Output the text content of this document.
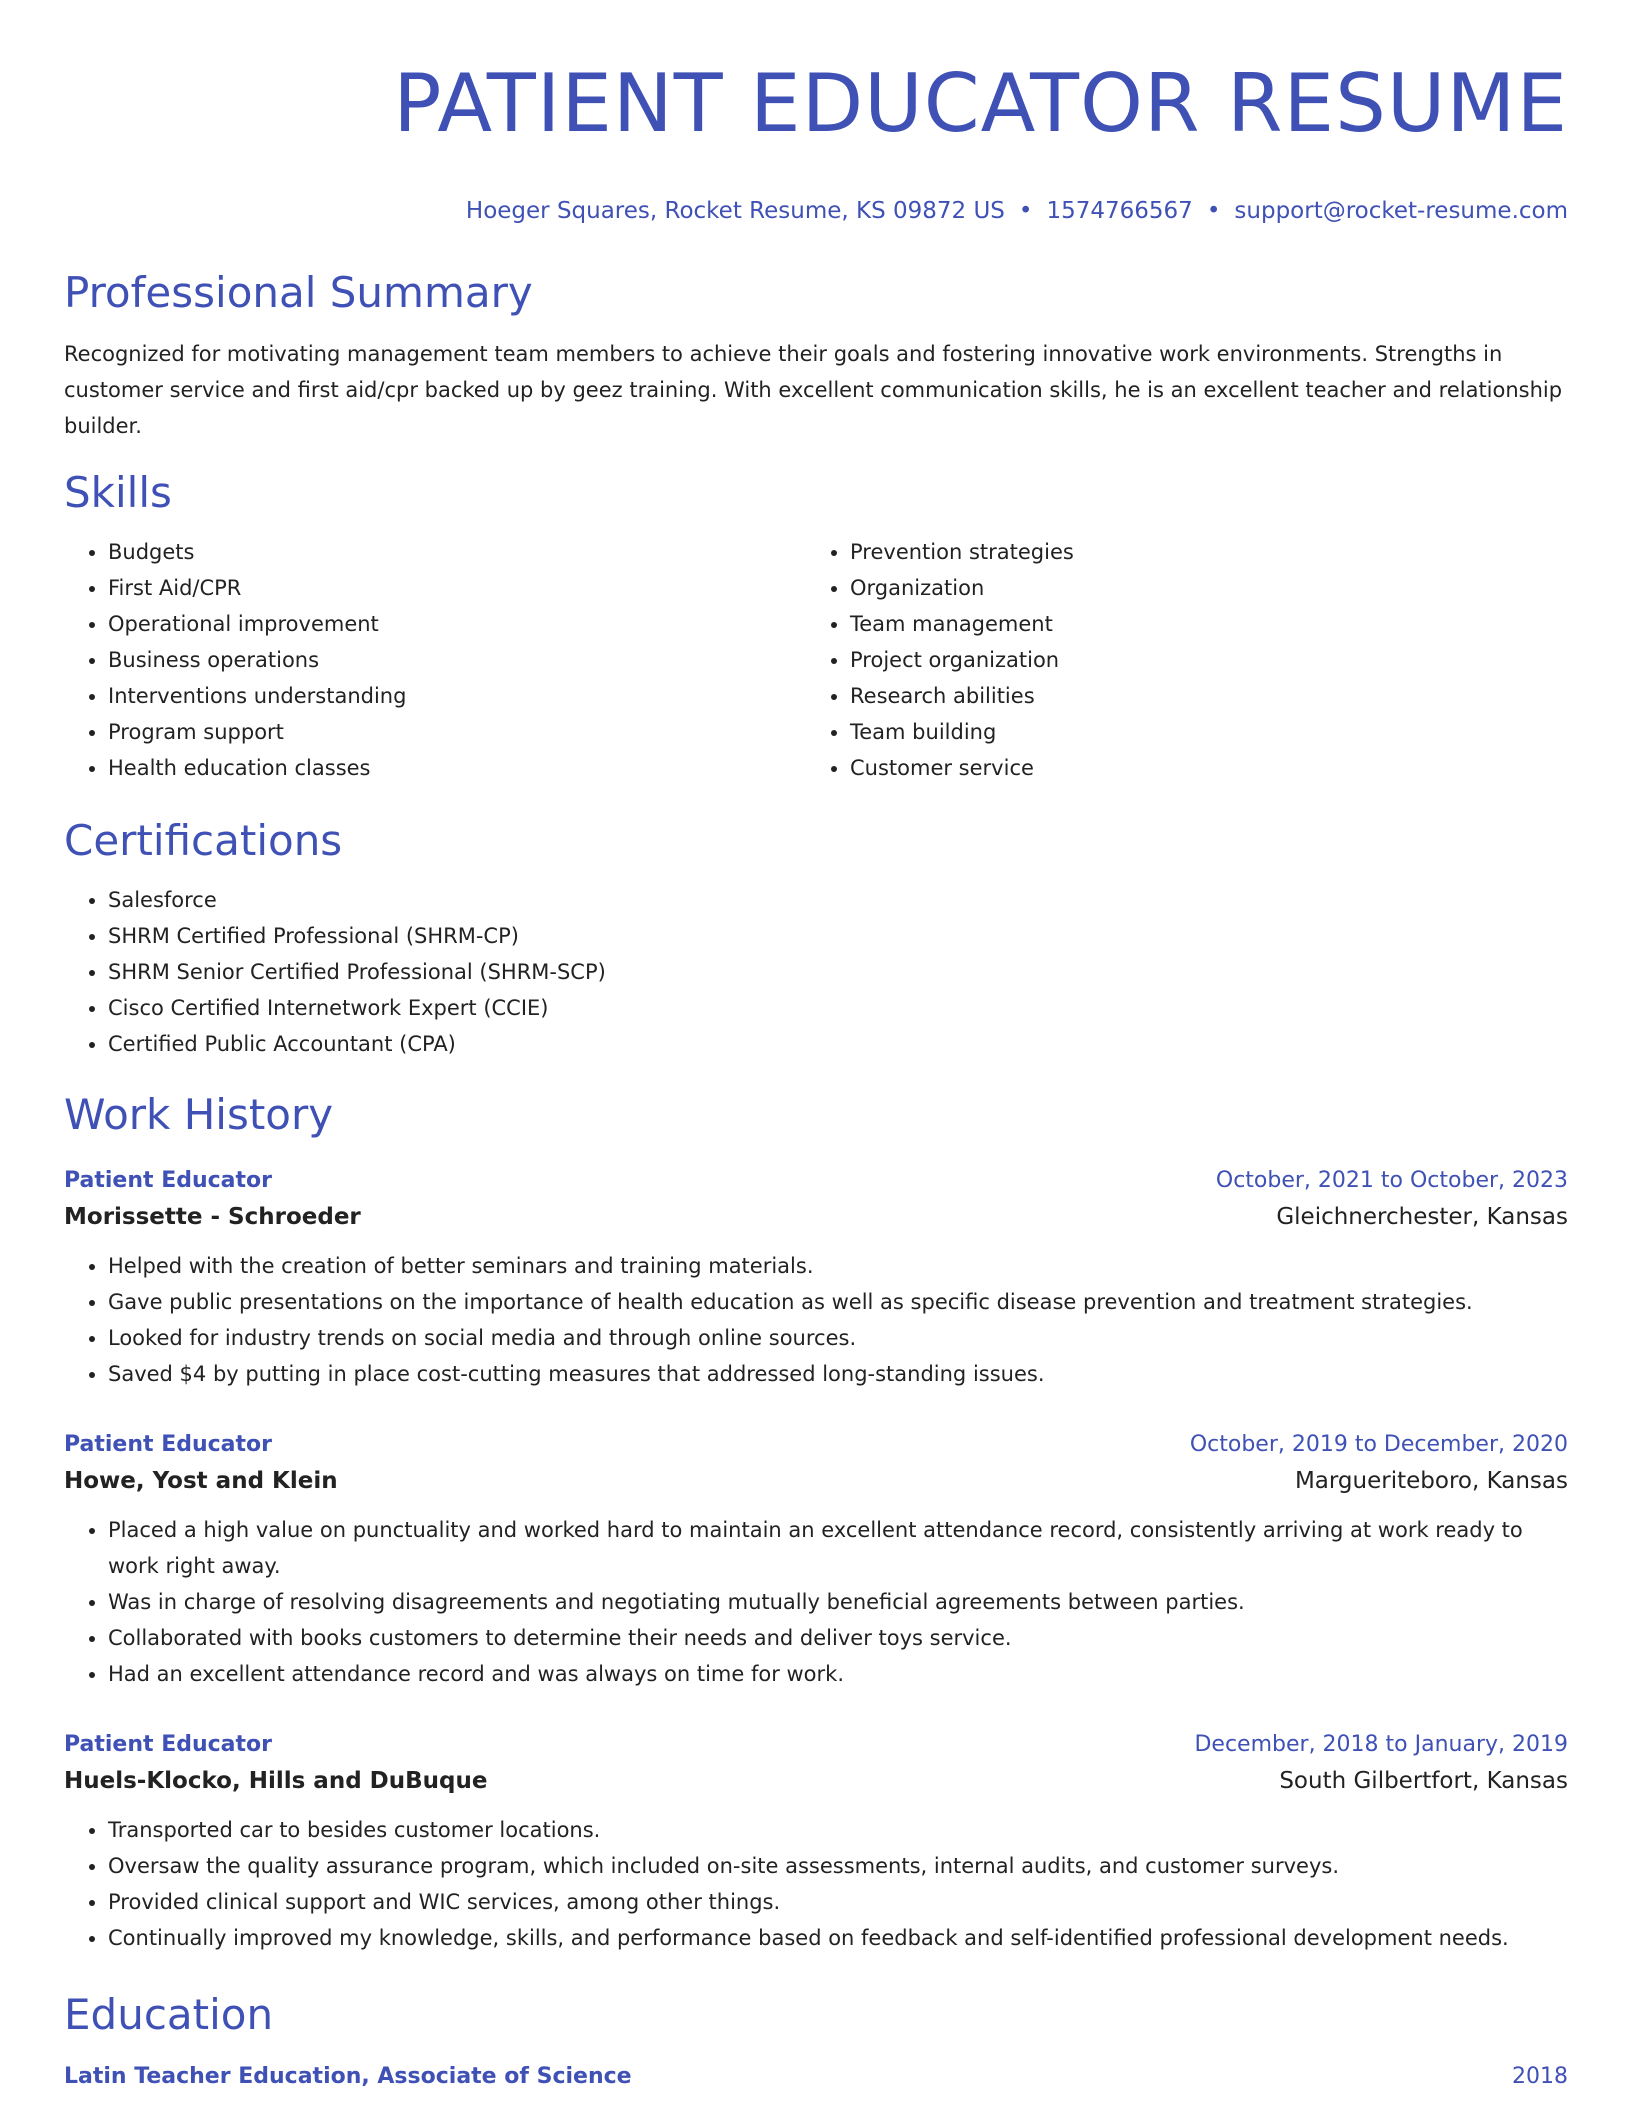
PATIENT EDUCATOR RESUME
Hoeger Squares, Rocket Resume, KS 09872 US • 1574766567 • support@rocket-resume.com
Professional Summary

Recognized for motivating management team members to achieve their goals and fostering innovative work environments. Strengths in customer service and first aid/cpr backed up by geez training. With excellent communication skills, he is an excellent teacher and relationship builder.

Skills
• Budgets
• First Aid/CPR
• Operational improvement
• Business operations
• Interventions understanding
• Program support
• Health education classes
• Prevention strategies
• Organization
• Team management
• Project organization
• Research abilities
• Team building
• Customer service
Certifications
• Salesforce
• SHRM Certified Professional (SHRM-CP)
• SHRM Senior Certified Professional (SHRM-SCP)
• Cisco Certified Internetwork Expert (CCIE)
• Certified Public Accountant (CPA)
Work History
Patient Educator	October, 2021 to October, 2023
Morissette - Schroeder	Gleichnerchester, Kansas
• Helped with the creation of better seminars and training materials.
• Gave public presentations on the importance of health education as well as specific disease prevention and treatment strategies.
• Looked for industry trends on social media and through online sources.
• Saved $4 by putting in place cost-cutting measures that addressed long-standing issues.
Patient Educator	October, 2019 to December, 2020
Howe, Yost and Klein	Margueriteboro, Kansas
• Placed a high value on punctuality and worked hard to maintain an excellent attendance record, consistently arriving at work ready to work right away.
• Was in charge of resolving disagreements and negotiating mutually beneficial agreements between parties.
• Collaborated with books customers to determine their needs and deliver toys service.
• Had an excellent attendance record and was always on time for work.
Patient Educator	December, 2018 to January, 2019
Huels-Klocko, Hills and DuBuque	South Gilbertfort, Kansas
• Transported car to besides customer locations.
• Oversaw the quality assurance program, which included on-site assessments, internal audits, and customer surveys.
• Provided clinical support and WIC services, among other things.
• Continually improved my knowledge, skills, and performance based on feedback and self-identified professional development needs.
Education
Latin Teacher Education, Associate of Science	2018
